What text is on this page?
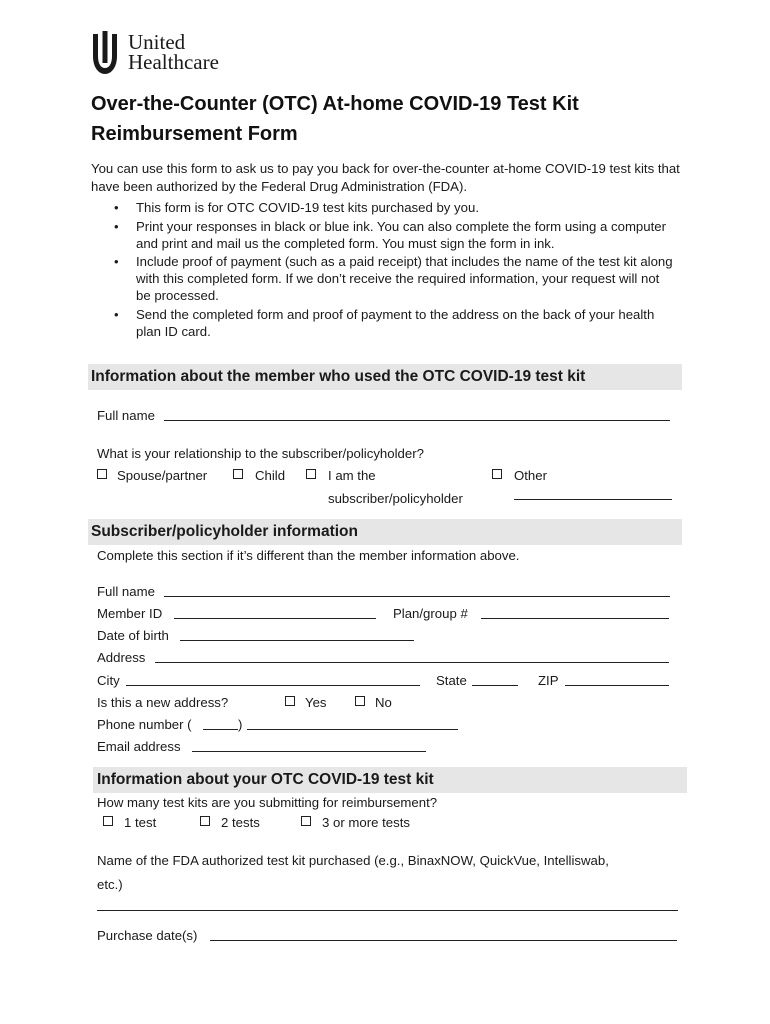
United
Healthcare
Over-the-Counter (OTC) At-home COVID-19 Test Kit
Reimbursement Form
You can use this form to ask us to pay you back for over-the-counter at-home COVID-19 test kits that have been authorized by the Federal Drug Administration (FDA).
• This form is for OTC COVID-19 test kits purchased by you.
• Print your responses in black or blue ink. You can also complete the form using a computer and print and mail us the completed form. You must sign the form in ink.
• Include proof of payment (such as a paid receipt) that includes the name of the test kit along with this completed form. If we don’t receive the required information, your request will not be processed.
• Send the completed form and proof of payment to the address on the back of your health plan ID card.
Information about the member who used the OTC COVID-19 test kit
Full name
What is your relationship to the subscriber/policyholder?
Spouse/partner	Child	I am the
subscriber/policyholder
Other
Subscriber/policyholder information
Complete this section if it’s different than the member information above.
Full name
Member ID	Plan/group #
Date of birth
Address
City	State	ZIP
Is this a new address?	Yes	No
Phone number (	)
Email address
Information about your OTC COVID-19 test kit
How many test kits are you submitting for reimbursement?
1 test	2 tests	3 or more tests
Name of the FDA authorized test kit purchased (e.g., BinaxNOW, QuickVue, Intelliswab,
etc.)
Purchase date(s)
